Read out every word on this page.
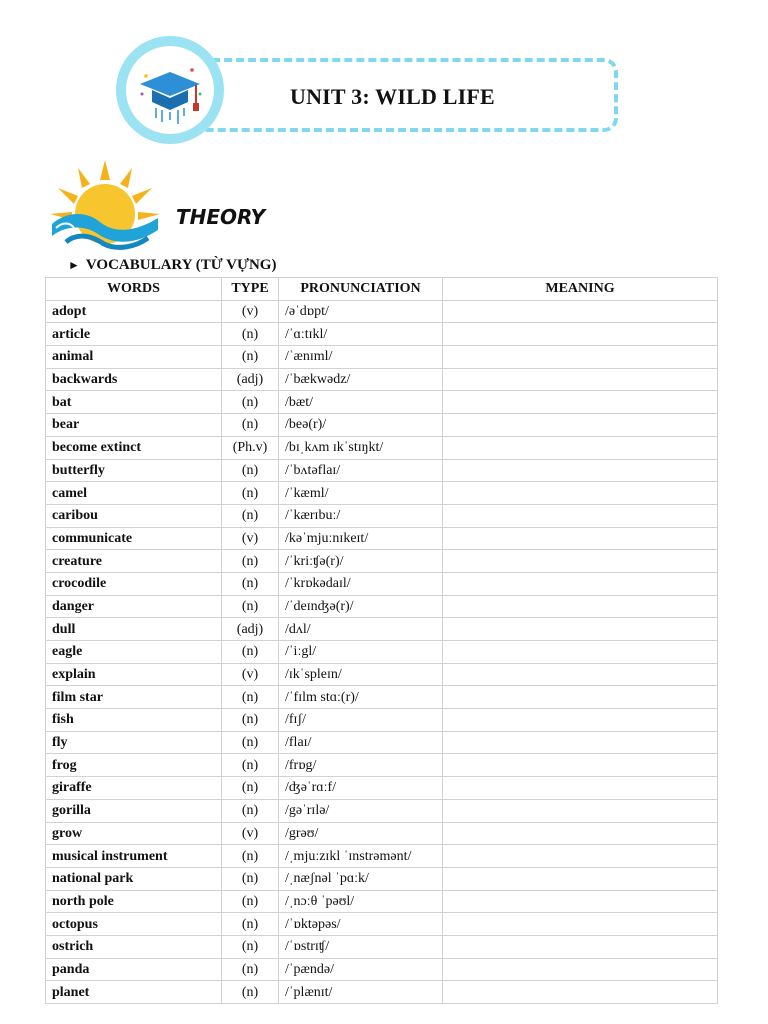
UNIT 3: WILD LIFE
THEORY
► VOCABULARY (TỪ VỰNG)
WORDS	TYPE	PRONUNCIATION	MEANING
adopt	(v)	/əˈdɒpt/	
article	(n)	/ˈɑːtɪkl/	
animal	(n)	/ˈænɪml/	
backwards	(adj)	/ˈbækwədz/	
bat	(n)	/bæt/	
bear	(n)	/beə(r)/	
become extinct	(Ph.v)	/bɪˌkʌm ɪkˈstɪŋkt/	
butterfly	(n)	/ˈbʌtəflaɪ/	
camel	(n)	/ˈkæml/	
caribou	(n)	/ˈkærɪbuː/	
communicate	(v)	/kəˈmjuːnɪkeɪt/	
creature	(n)	/ˈkriːʧə(r)/	
crocodile	(n)	/ˈkrɒkədaɪl/	
danger	(n)	/ˈdeɪnʤə(r)/	
dull	(adj)	/dʌl/	
eagle	(n)	/ˈiːgl/	
explain	(v)	/ɪkˈspleɪn/	
film star	(n)	/ˈfɪlm stɑː(r)/	
fish	(n)	/fɪʃ/	
fly	(n)	/flaɪ/	
frog	(n)	/frɒg/	
giraffe	(n)	/ʤəˈrɑːf/	
gorilla	(n)	/gəˈrɪlə/	
grow	(v)	/grəʊ/	
musical instrument	(n)	/ˌmjuːzɪkl ˈɪnstrəmənt/	
national park	(n)	/ˌnæʃnəl ˈpɑːk/	
north pole	(n)	/ˌnɔːθ ˈpəʊl/	
octopus	(n)	/ˈɒktəpəs/	
ostrich	(n)	/ˈɒstrɪʧ/	
panda	(n)	/ˈpændə/	
planet	(n)	/ˈplænɪt/	
